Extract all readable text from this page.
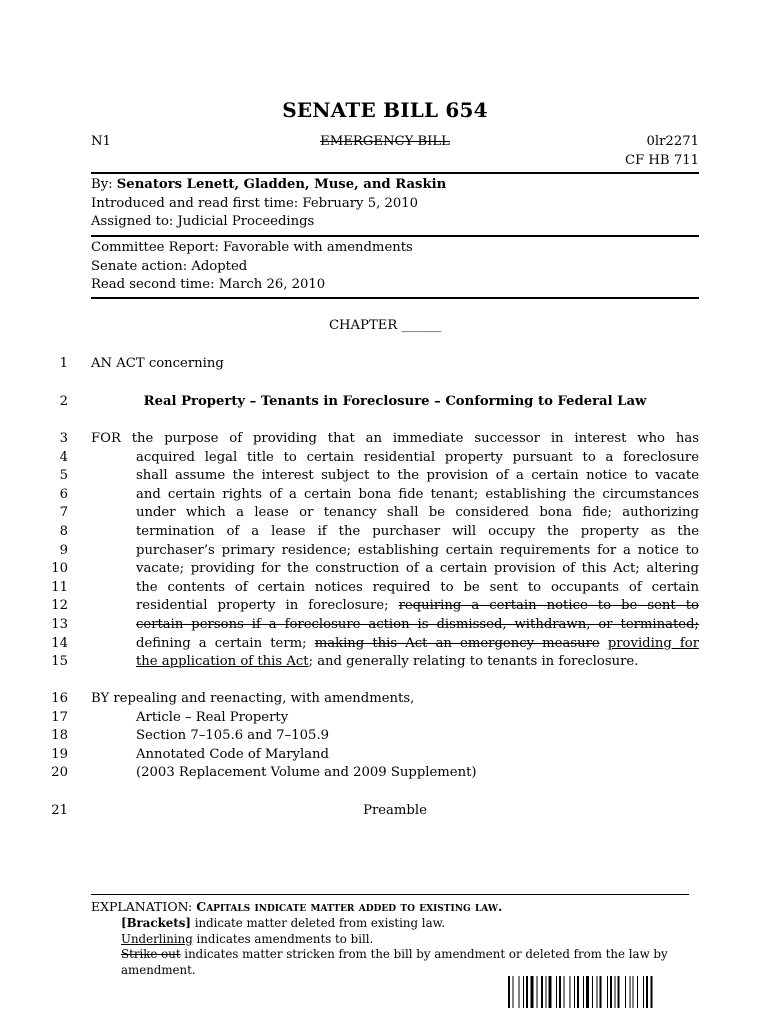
SENATE BILL 654
N1	EMERGENCY BILL	0lr2271
CF HB 711
By: Senators Lenett, Gladden, Muse, and Raskin
Introduced and read first time: February 5, 2010
Assigned to: Judicial Proceedings
Committee Report: Favorable with amendments
Senate action: Adopted
Read second time: March 26, 2010
CHAPTER ______
1
2
3
4
5
6
7
8
9
10
11
12
13
14
15
16
17
18
19
20
21
AN ACT concerning
Real Property – Tenants in Foreclosure – Conforming to Federal Law
FOR the purpose of providing that an immediate successor in interest who has
acquired legal title to certain residential property pursuant to a foreclosure
shall assume the interest subject to the provision of a certain notice to vacate
and certain rights of a certain bona fide tenant; establishing the circumstances
under which a lease or tenancy shall be considered bona fide; authorizing
termination of a lease if the purchaser will occupy the property as the
purchaser’s primary residence; establishing certain requirements for a notice to
vacate; providing for the construction of a certain provision of this Act; altering
the contents of certain notices required to be sent to occupants of certain
residential property in foreclosure; requiring a certain notice to be sent to
certain persons if a foreclosure action is dismissed, withdrawn, or terminated;
defining a certain term; making this Act an emergency measure providing for
the application of this Act; and generally relating to tenants in foreclosure.
BY repealing and reenacting, with amendments,
Article – Real Property
Section 7–105.6 and 7–105.9
Annotated Code of Maryland
(2003 Replacement Volume and 2009 Supplement)
Preamble
EXPLANATION: Capitals indicate matter added to existing law.
[Brackets] indicate matter deleted from existing law.
Underlining indicates amendments to bill.
Strike out indicates matter stricken from the bill by amendment or deleted from the law by
amendment.
